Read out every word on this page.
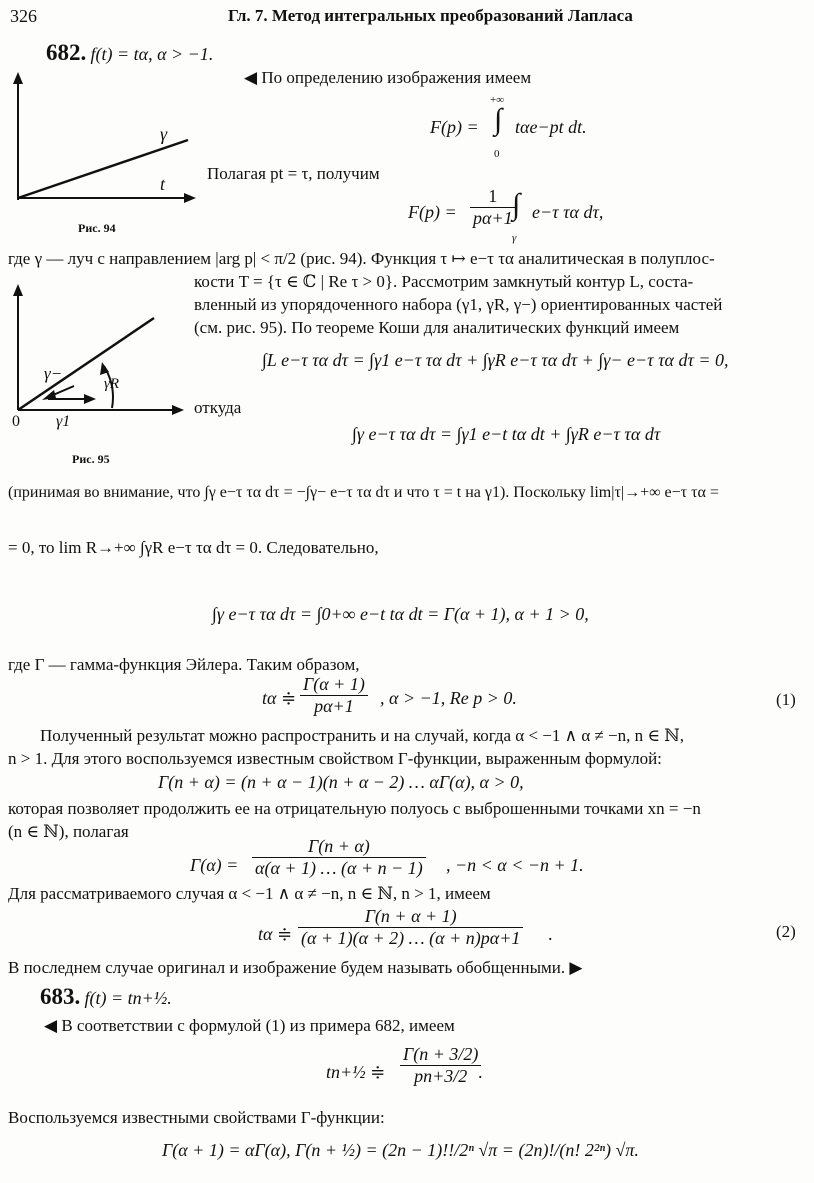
326	Гл. 7. Метод интегральных преобразований Лапласа
682. f(t) = tα, α > −1.
◀ По определению изображения имеем
F(p) =
+∞
∫
0
tαe−pt dt.
Полагая pt = τ, получим
$F(p) = \frac{1}{p\alpha+1}$
∫
γ
e−τ τα dτ,
γ
t
Рис. 94
где γ — луч с направлением |arg p| < π/2 (рис. 94). Функция τ ↦ e−τ τα аналитическая в полуплос-
кости T = {τ ∈ ℂ | Re τ > 0}. Рассмотрим замкнутый контур L, соста-
вленный из упорядоченного набора (γ1, γR, γ−) ориентированных частей
(см. рис. 95). По теореме Коши для аналитических функций имеем
∫L e−τ τα dτ = ∫γ1 e−τ τα dτ + ∫γR e−τ τα dτ + ∫γ− e−τ τα dτ = 0,
откуда
∫γ e−τ τα dτ = ∫γ1 e−t tα dt + ∫γR e−τ τα dτ
γ−
γR
0 γ1
Рис. 95
(принимая во внимание, что ∫γ e−τ τα dτ = −∫γ− e−τ τα dτ и что τ = t на γ1). Поскольку lim|τ|→+∞ e−τ τα =
= 0, то lim R→+∞ ∫γR e−τ τα dτ = 0. Следовательно,
∫γ e−τ τα dτ = ∫0+∞ e−t tα dt = Γ(α + 1), α + 1 > 0,
где Γ — гамма-функция Эйлера. Таким образом,
tα ≑ $\frac{\Gamma(\alpha + 1)}{p\alpha+1}$ , α > −1, Re p > 0.	(1)
Полученный результат можно распространить и на случай, когда α < −1 ∧ α ≠ −n, n ∈ ℕ,
n > 1. Для этого воспользуемся известным свойством Γ-функции, выраженным формулой:
Γ(n + α) = (n + α − 1)(n + α − 2) … αΓ(α), α > 0,
которая позволяет продолжить ее на отрицательную полуось с выброшенными точками xn = −n
(n ∈ ℕ), полагая
$\Gamma(\alpha) = \frac{\Gamma(n + \alpha)}{\alpha(\alpha + 1) \dots (\alpha + n - 1)}$ , −n < α < −n + 1.
Для рассматриваемого случая α < −1 ∧ α ≠ −n, n ∈ ℕ, n > 1, имеем
tα ≑ $\frac{\Gamma(n + \alpha + 1)}{(\alpha + 1)(\alpha + 2) \dots (\alpha + n)p\alpha+1}$ .	(2)
В последнем случае оригинал и изображение будем называть обобщенными. ▶
683. f(t) = tn+½.
◀ В соответствии с формулой (1) из примера 682, имеем
tn+½ ≑ $\frac{\Gamma(n + 3/2)}{pn+3/2}$
.
Воспользуемся известными свойствами Γ-функции:
Γ(α + 1) = αΓ(α), Γ(n + ½) = (2n − 1)!!/2ⁿ √π = (2n)!/(n! 2²ⁿ) √π.
